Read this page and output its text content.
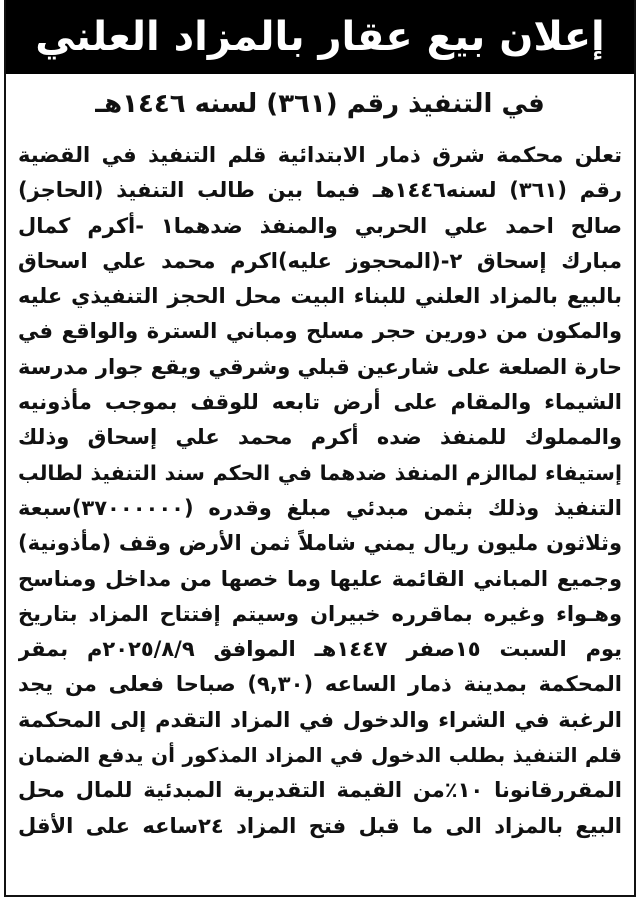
إعلان بيع عقار بالمزاد العلني
في التنفيذ رقم (٣٦١) لسنه ١٤٤٦هـ
تعلن محكمة شرق ذمار الابتدائية قلم التنفيذ في القضية
رقم (٣٦١) لسنه١٤٤٦هـ فيما بين طالب التنفيذ (الحاجز)
صالح احمد علي الحربي والمنفذ ضدهما١ -أكرم كمال
مبارك إسحاق ٢-(المحجوز عليه)اكرم محمد علي اسحاق
بالبيع بالمزاد العلني للبناء البيت محل الحجز التنفيذي عليه
والمكون من دورين حجر مسلح ومباني السترة والواقع في
حارة الصلعة على شارعين قبلي وشرقي ويقع جوار مدرسة
الشيماء والمقام على أرض تابعه للوقف بموجب مأذونيه
والمملوك للمنفذ ضده أكرم محمد علي إسحاق وذلك
إستيفاء لماالزم المنفذ ضدهما في الحكم سند التنفيذ لطالب
التنفيذ وذلك بثمن مبدئي مبلغ وقدره (٣٧٠٠٠٠٠٠)سبعة
وثلاثون مليون ريال يمني شاملاً ثمن الأرض وقف (مأذونية)
وجميع المباني القائمة عليها وما خصها من مداخل ومناسح
وهـواء وغيره بماقرره خبيران وسيتم إفتتاح المزاد بتاريخ
يوم السبت ١٥صفر ١٤٤٧هـ الموافق ٢٠٢٥/٨/٩م بمقر
المحكمة بمدينة ذمار الساعه (٩,٣٠) صباحا فعلى من يجد
الرغبة في الشراء والدخول في المزاد التقدم إلى المحكمة
قلم التنفيذ بطلب الدخول في المزاد المذكور أن يدفع الضمان
المقررقانونا ١٠٪من القيمة التقديرية المبدئية للمال محل
البيع بالمزاد الى ما قبل فتح المزاد ٢٤ساعه على الأقل
